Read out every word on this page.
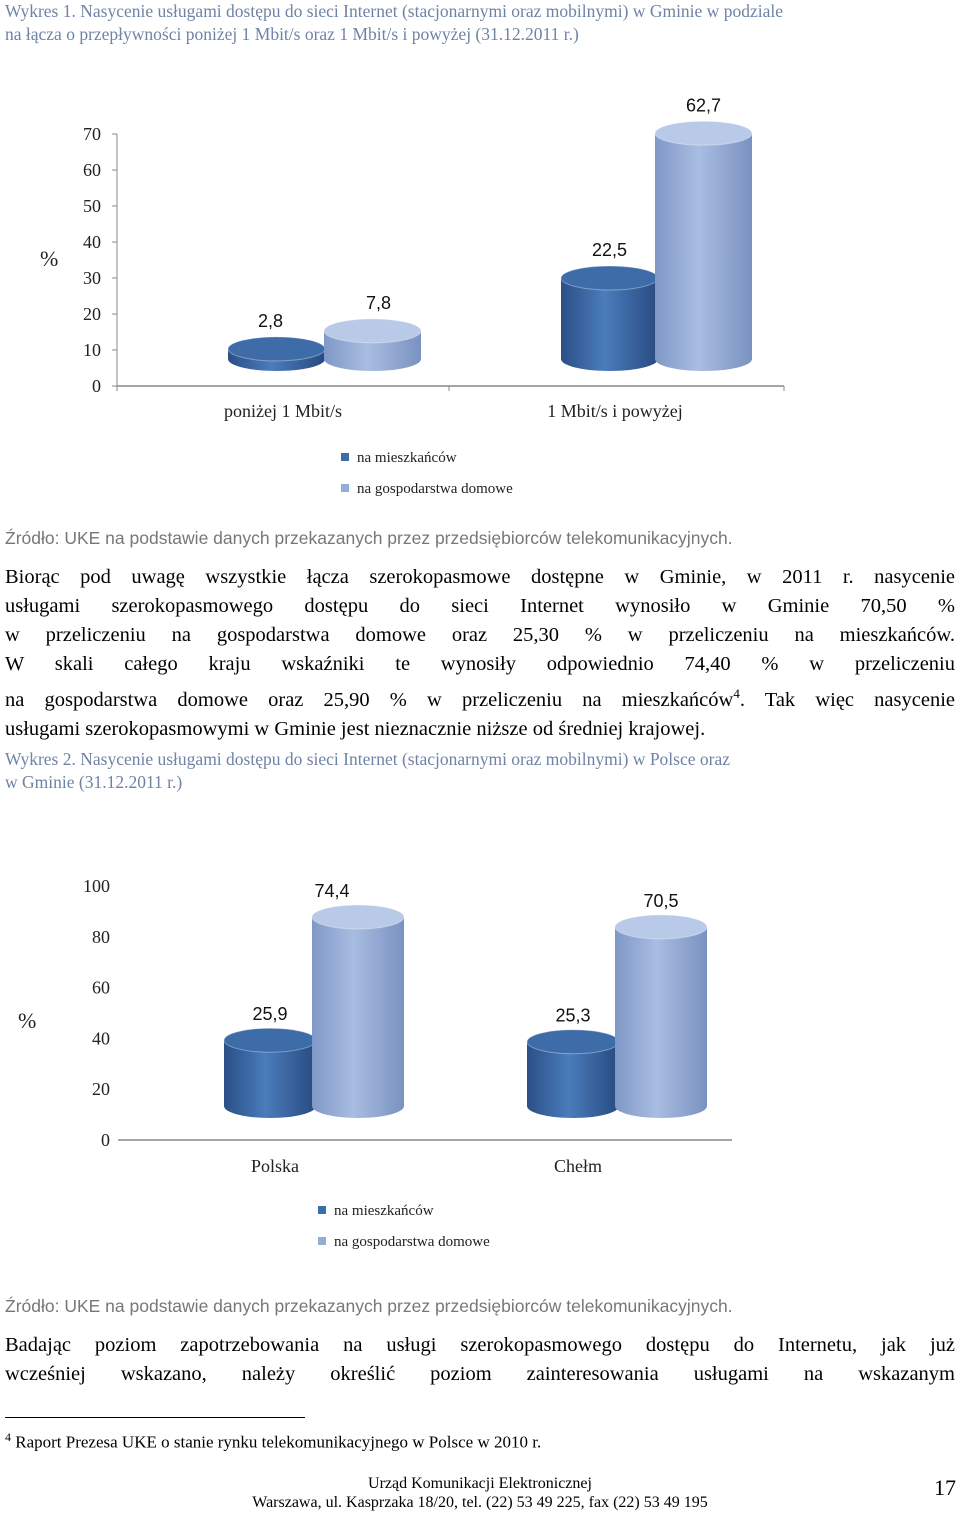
Wykres 1. Nasycenie usługami dostępu do sieci Internet (stacjonarnymi oraz mobilnymi) w Gminie w podziale
na łącza o przepływności poniżej 1 Mbit/s oraz 1 Mbit/s i powyżej (31.12.2011 r.)
0
10
20
30
40
50
60
70
%
poniżej 1 Mbit/s	1 Mbit/s i powyżej
2,8
22,5
7,8
62,7
na mieszkańców
na gospodarstwa domowe
Źródło: UKE na podstawie danych przekazanych przez przedsiębiorców telekomunikacyjnych.
Biorąc pod uwagę wszystkie łącza szerokopasmowe dostępne w Gminie, w 2011 r. nasycenie
usługami szerokopasmowego dostępu do sieci Internet wynosiło w Gminie 70,50 %
w przeliczeniu na gospodarstwa domowe oraz 25,30 % w przeliczeniu na mieszkańców.
W skali całego kraju wskaźniki te wynosiły odpowiednio 74,40 % w przeliczeniu
na gospodarstwa domowe oraz 25,90 % w przeliczeniu na mieszkańców$^4$. Tak więc nasycenie
usługami szerokopasmowymi w Gminie jest nieznacznie niższe od średniej krajowej.
Wykres 2. Nasycenie usługami dostępu do sieci Internet (stacjonarnymi oraz mobilnymi) w Polsce oraz
w Gminie (31.12.2011 r.)
0
20
40
60
80
100
%
Polska	Chełm
25,9	25,3
74,4	70,5
na mieszkańców
na gospodarstwa domowe
Źródło: UKE na podstawie danych przekazanych przez przedsiębiorców telekomunikacyjnych.
Badając poziom zapotrzebowania na usługi szerokopasmowego dostępu do Internetu, jak już
wcześniej wskazano, należy określić poziom zainteresowania usługami na wskazanym
$^4$ Raport Prezesa UKE o stanie rynku telekomunikacyjnego w Polsce w 2010 r.
Urząd Komunikacji Elektronicznej
Warszawa, ul. Kasprzaka 18/20, tel. (22) 53 49 225, fax (22) 53 49 195
17
